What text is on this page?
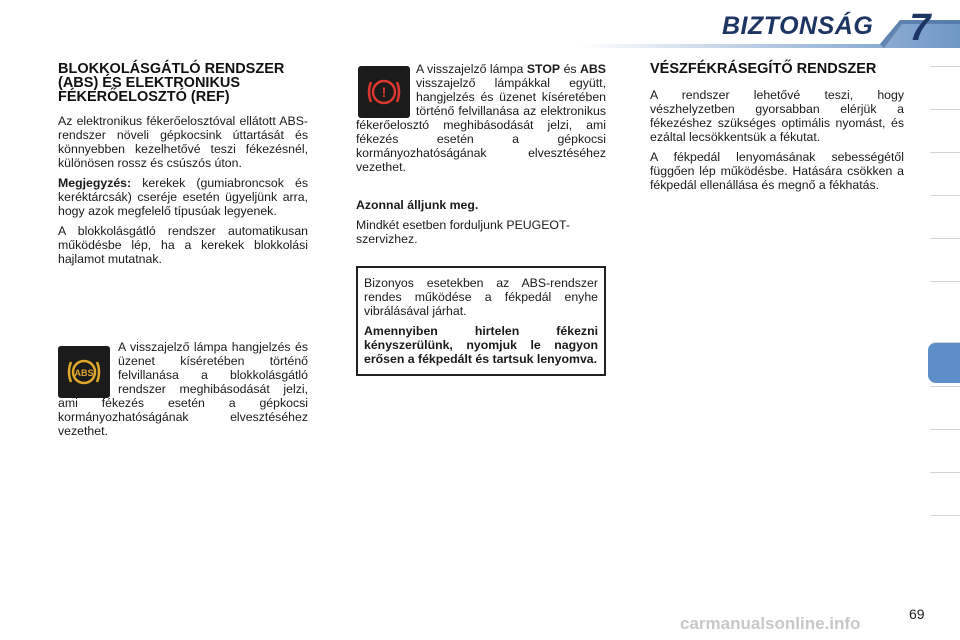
BIZTONSÁG 7
BLOKKOLÁSGÁTLÓ RENDSZER (ABS) ÉS ELEKTRONIKUS FÉKERŐELOSZTÓ (REF)

Az elektronikus fékerőelosztóval ellátott ABS-rendszer növeli gépkocsink úttartását és könnyebben kezelhetővé teszi fékezésnél, különösen rossz és csúszós úton.

Megjegyzés: kerekek (gumiabroncsok és keréktárcsák) cseréje esetén ügyeljünk arra, hogy azok megfelelő típusúak legyenek.

A blokkolásgátló rendszer automatikusan működésbe lép, ha a kerekek blokkolási hajlamot mutatnak.

ABS

A visszajelző lámpa hangjelzés és üzenet kíséretében történő felvillanása a blokkolásgátló rendszer meghibásodását jelzi, ami fékezés esetén a gépkocsi kormányozhatóságának elvesztéséhez vezethet.

!

A visszajelző lámpa STOP és ABS visszajelző lámpákkal együtt, hangjelzés és üzenet kíséretében történő felvillanása az elektronikus fékerőelosztó meghibásodását jelzi, ami fékezés esetén a gépkocsi kormányozhatóságának elvesztéséhez vezethet.

Azonnal álljunk meg.

Mindkét esetben forduljunk PEUGEOT-szervizhez.

Bizonyos esetekben az ABS-rendszer rendes működése a fékpedál enyhe vibrálásával járhat.

Amennyiben hirtelen fékezni kényszerülünk, nyomjuk le nagyon erősen a fékpedált és tartsuk lenyomva.

VÉSZFÉKRÁSEGÍTŐ RENDSZER

A rendszer lehetővé teszi, hogy vészhelyzetben gyorsabban elérjük a fékezéshez szükséges optimális nyomást, és ezáltal lecsökkentsük a fékutat.

A fékpedál lenyomásának sebességétől függően lép működésbe. Hatására csökken a fékpedál ellenállása és megnő a fékhatás.

carmanualsonline.info	69
